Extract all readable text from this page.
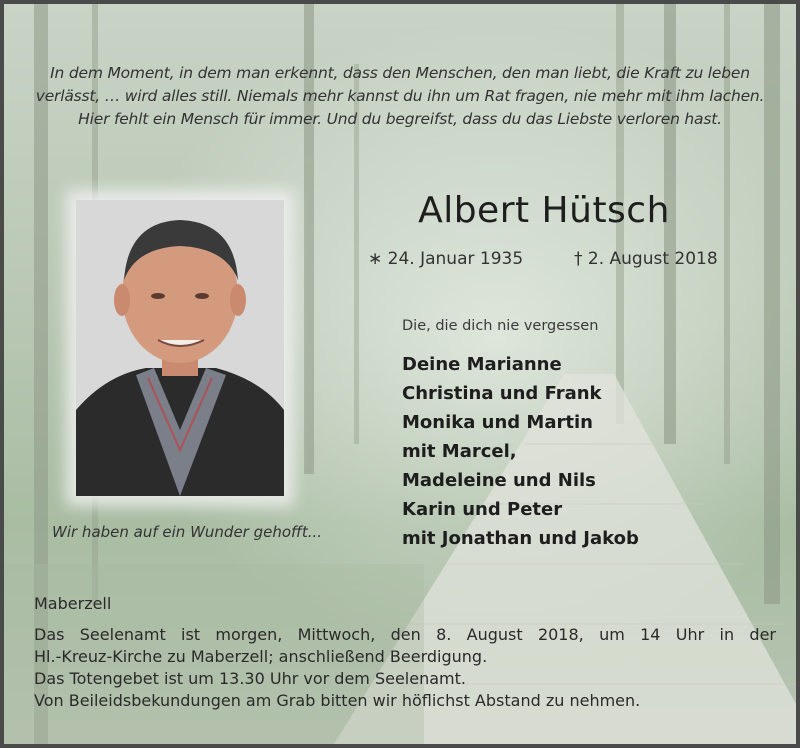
In dem Moment, in dem man erkennt, dass den Menschen, den man liebt, die Kraft zu leben
verlässt, … wird alles still. Niemals mehr kannst du ihn um Rat fragen, nie mehr mit ihm lachen.
Hier fehlt ein Mensch für immer. Und du begreifst, dass du das Liebste verloren hast.
Albert Hütsch
∗ 24. Januar 1935	† 2. August 2018
Die, die dich nie vergessen
Deine Marianne
Christina und Frank
Monika und Martin
mit Marcel,
Madeleine und Nils
Karin und Peter
mit Jonathan und Jakob
Wir haben auf ein Wunder gehofft...
Maberzell
Das Seelenamt ist morgen, Mittwoch, den 8. August 2018, um 14 Uhr in der
Hl.-Kreuz-Kirche zu Maberzell; anschließend Beerdigung.
Das Totengebet ist um 13.30 Uhr vor dem Seelenamt.
Von Beileidsbekundungen am Grab bitten wir höflichst Abstand zu nehmen.
